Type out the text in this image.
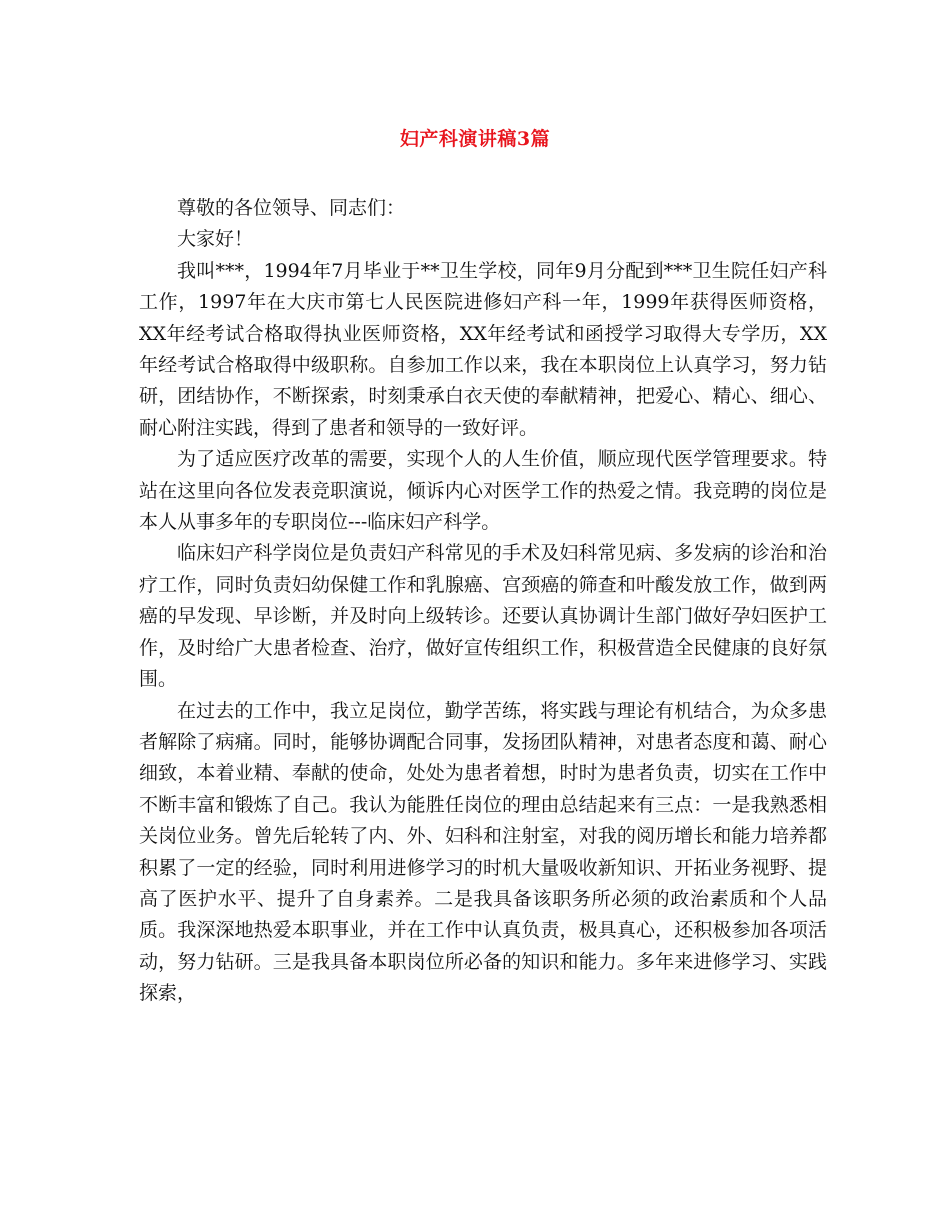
妇产科演讲稿3篇

尊敬的各位领导、同志们：

大家好！

我叫***，1994年7月毕业于**卫生学校，同年9月分配到***卫生院任妇产科工作，1997年在大庆市第七人民医院进修妇产科一年，1999年获得医师资格，XX年经考试合格取得执业医师资格，XX年经考试和函授学习取得大专学历，XX年经考试合格取得中级职称。自参加工作以来，我在本职岗位上认真学习，努力钻研，团结协作，不断探索，时刻秉承白衣天使的奉献精神，把爱心、精心、细心、耐心附注实践，得到了患者和领导的一致好评。

为了适应医疗改革的需要，实现个人的人生价值，顺应现代医学管理要求。特站在这里向各位发表竞职演说，倾诉内心对医学工作的热爱之情。我竞聘的岗位是本人从事多年的专职岗位---临床妇产科学。

临床妇产科学岗位是负责妇产科常见的手术及妇科常见病、多发病的诊治和治疗工作，同时负责妇幼保健工作和乳腺癌、宫颈癌的筛查和叶酸发放工作，做到两癌的早发现、早诊断，并及时向上级转诊。还要认真协调计生部门做好孕妇医护工作，及时给广大患者检查、治疗，做好宣传组织工作，积极营造全民健康的良好氛围。

在过去的工作中，我立足岗位，勤学苦练，将实践与理论有机结合，为众多患者解除了病痛。同时，能够协调配合同事，发扬团队精神，对患者态度和蔼、耐心细致，本着业精、奉献的使命，处处为患者着想，时时为患者负责，切实在工作中不断丰富和锻炼了自己。我认为能胜任岗位的理由总结起来有三点：一是我熟悉相关岗位业务。曾先后轮转了内、外、妇科和注射室，对我的阅历增长和能力培养都积累了一定的经验，同时利用进修学习的时机大量吸收新知识、开拓业务视野、提高了医护水平、提升了自身素养。二是我具备该职务所必须的政治素质和个人品质。我深深地热爱本职事业，并在工作中认真负责，极具真心，还积极参加各项活动，努力钻研。三是我具备本职岗位所必备的知识和能力。多年来进修学习、实践探索，
